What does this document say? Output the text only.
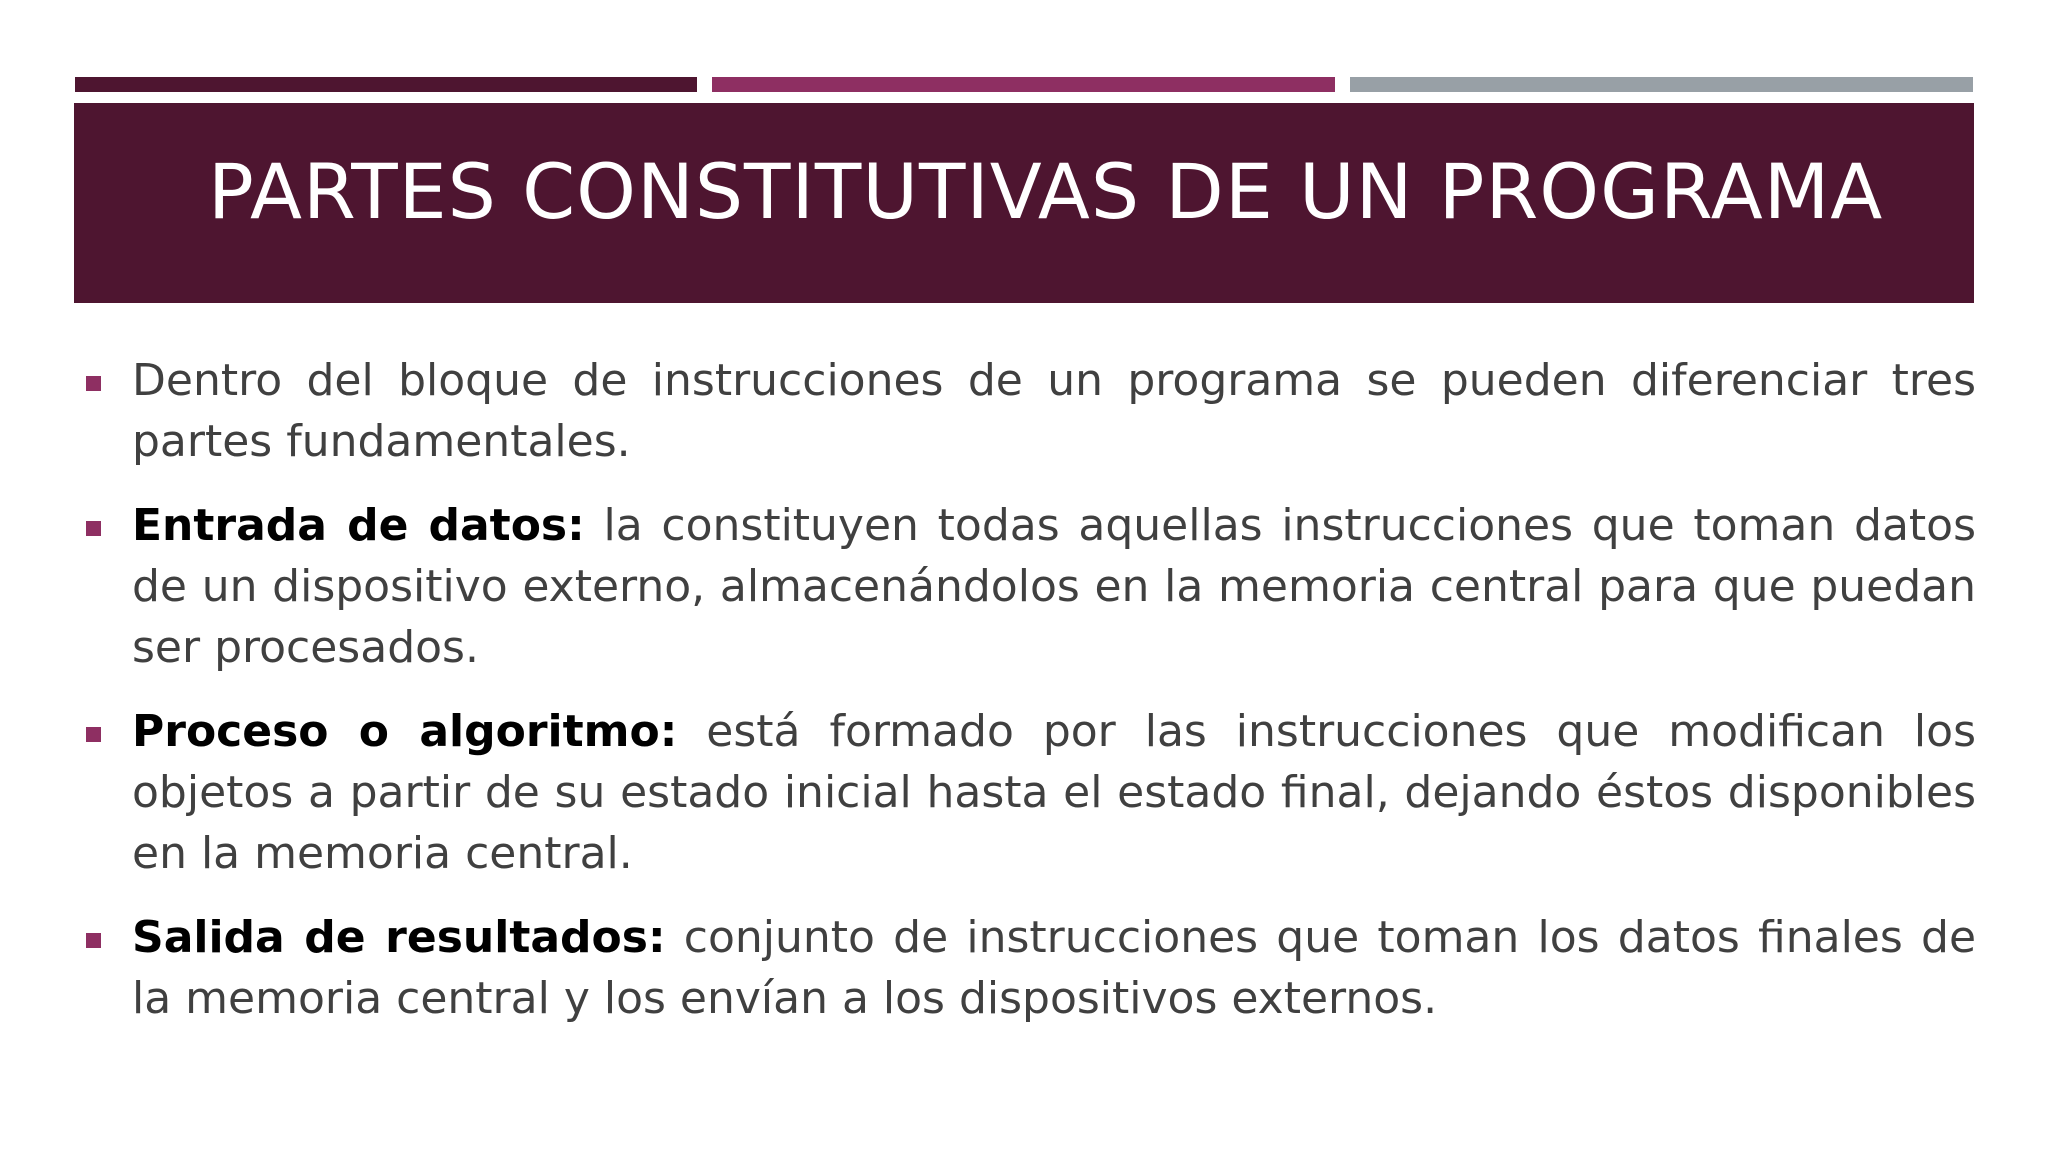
PARTES CONSTITUTIVAS DE UN PROGRAMA
Dentro del bloque de instrucciones de un programa se pueden diferenciar tres partes fundamentales.
Entrada de datos: la constituyen todas aquellas instrucciones que toman datos de un dispositivo externo, almacenándolos en la memoria central para que puedan ser procesados.
Proceso o algoritmo: está formado por las instrucciones que modifican los objetos a partir de su estado inicial hasta el estado final, dejando éstos disponibles en la memoria central.
Salida de resultados: conjunto de instrucciones que toman los datos finales de la memoria central y los envían a los dispositivos externos.
